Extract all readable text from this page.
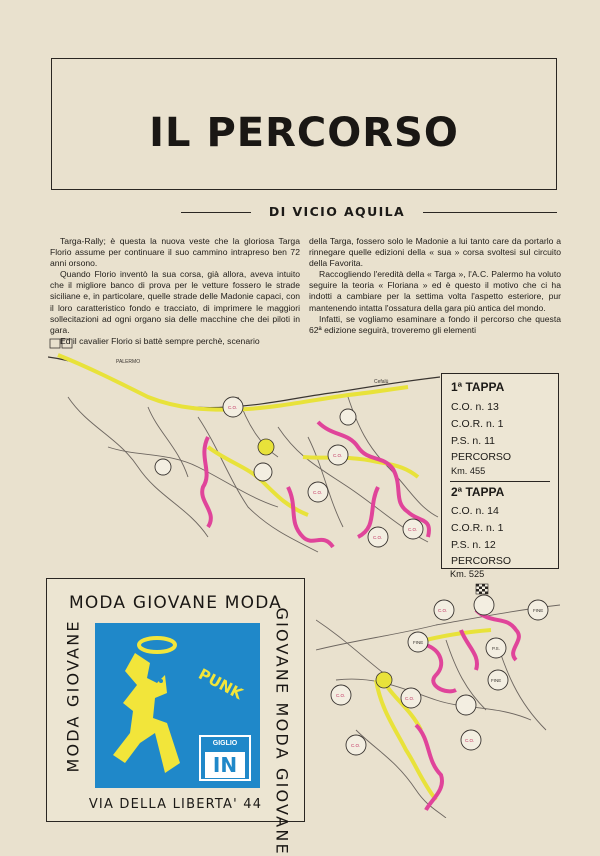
IL PERCORSO
DI VICIO AQUILA

Targa-Rally; è questa la nuova veste che la gloriosa Targa Florio assume per continuare il suo cammino intrapreso ben 72 anni orsono.

Quando Florio inventò la sua corsa, già allora, aveva intuito che il migliore banco di prova per le vetture fossero le strade siciliane e, in particolare, quelle strade delle Madonie capaci, con il loro caratteristico fondo e tracciato, di imprimere le maggiori sollecitazioni ad ogni organo sia delle macchine che dei piloti in gara.

Ed il cavalier Florio si battè sempre perchè, scenario

della Targa, fossero solo le Madonie a lui tanto care da portarlo a rinnegare quelle edizioni della « sua » corsa svoltesi sul circuito della Favorita.

Raccogliendo l'eredità della « Targa », l'A.C. Palermo ha voluto seguire la teoria « Floriana » ed è questo il motivo che ci ha indotti a cambiare per la settima volta l'aspetto esteriore, pur mantenendo intatta l'ossatura della gara più antica del mondo.

Infatti, se vogliamo esaminare a fondo il percorso che questa 62ª edizione seguirà, troveremo gli elementi

C.O.
C.O.
C.O.
C.O.
C.O.
PALERMO
Cefalù	1ª TAPPA
C.O. n. 13
C.O.R. n. 1
P.S. n. 11
PERCORSO
Km. 455
2ª TAPPA
C.O. n. 14
C.O.R. n. 1
P.S. n. 12
PERCORSO
Km. 525
FINE
FINE
FINE
P.S.
C.O.
C.O.
C.O.
C.O.
C.O.
MODA GIOVANE MODA
MODA GIOVANE	GIOVANE MODA GIOVANE
PUNK
GIGLIO
IN
VIA DELLA LIBERTA' 44
